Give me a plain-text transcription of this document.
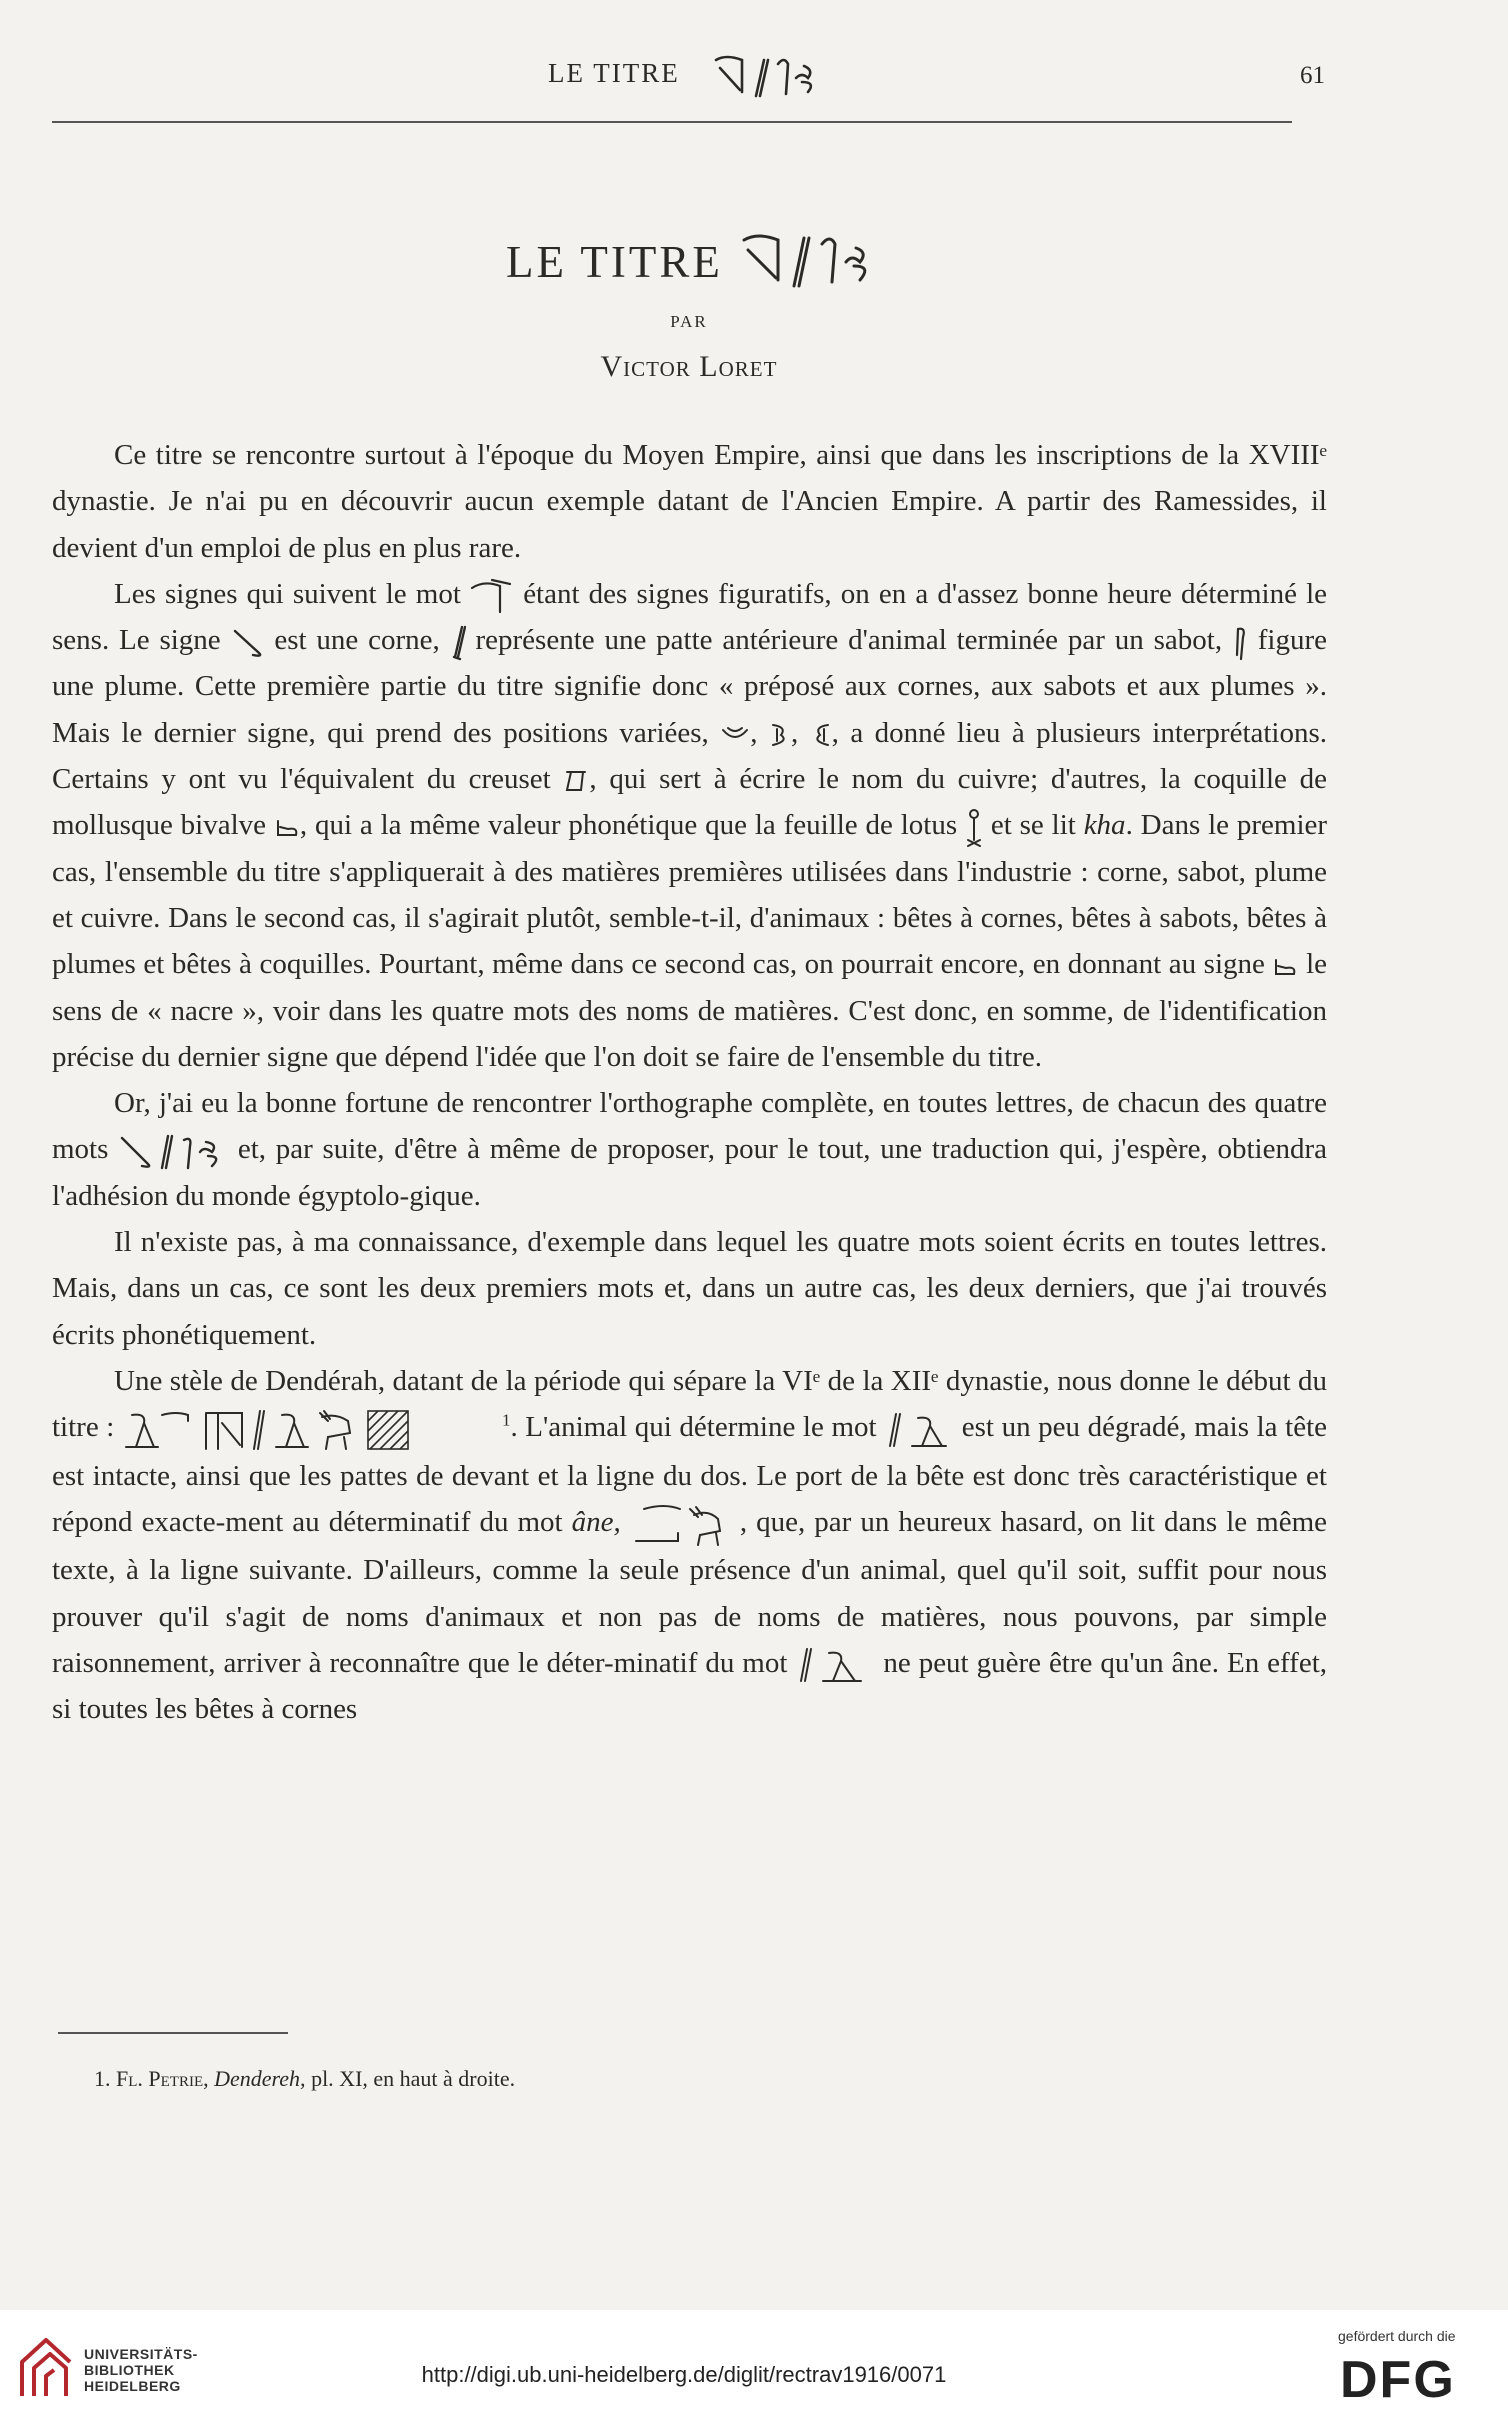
LE TITRE	61
LE TITRE
PAR
Victor Loret

Ce titre se rencontre surtout à l'époque du Moyen Empire, ainsi que dans les inscriptions de la XVIIIᵉ dynastie. Je n'ai pu en découvrir aucun exemple datant de l'Ancien Empire. A partir des Ramessides, il devient d'un emploi de plus en plus rare.

Les signes qui suivent le mot étant des signes figuratifs, on en a d'assez bonne heure déterminé le sens. Le signe est une corne, représente une patte antérieure d'animal terminée par un sabot, figure une plume. Cette première partie du titre signifie donc « préposé aux cornes, aux sabots et aux plumes ». Mais le dernier signe, qui prend des positions variées, , , , a donné lieu à plusieurs interprétations. Certains y ont vu l'équivalent du creuset , qui sert à écrire le nom du cuivre; d'autres, la coquille de mollusque bivalve , qui a la même valeur phonétique que la feuille de lotus et se lit kha. Dans le premier cas, l'ensemble du titre s'appliquerait à des matières premières utilisées dans l'industrie : corne, sabot, plume et cuivre. Dans le second cas, il s'agirait plutôt, semble-t-il, d'animaux : bêtes à cornes, bêtes à sabots, bêtes à plumes et bêtes à coquilles. Pourtant, même dans ce second cas, on pourrait encore, en donnant au signe le sens de « nacre », voir dans les quatre mots des noms de matières. C'est donc, en somme, de l'identification précise du dernier signe que dépend l'idée que l'on doit se faire de l'ensemble du titre.

Or, j'ai eu la bonne fortune de rencontrer l'orthographe complète, en toutes lettres, de chacun des quatre mots	et, par suite, d'être à même de proposer, pour le tout, une traduction qui, j'espère, obtiendra l'adhésion du monde égyptolo-gique.

Il n'existe pas, à ma connaissance, d'exemple dans lequel les quatre mots soient écrits en toutes lettres. Mais, dans un cas, ce sont les deux premiers mots et, dans un autre cas, les deux derniers, que j'ai trouvés écrits phonétiquement.

Une stèle de Dendérah, datant de la période qui sépare la VIᵉ de la XIIᵉ dynastie, nous donne le début du titre :	$^1$. L'animal qui détermine le mot	est un peu dégradé, mais la tête est intacte, ainsi que les pattes de devant et la ligne du dos. Le port de la bête est donc très caractéristique et répond exacte-ment au déterminatif du mot âne,	, que, par un heureux hasard, on lit dans le même texte, à la ligne suivante. D'ailleurs, comme la seule présence d'un animal, quel qu'il soit, suffit pour nous prouver qu'il s'agit de noms d'animaux et non pas de noms de matières, nous pouvons, par simple raisonnement, arriver à reconnaître que le déter-minatif du mot	ne peut guère être qu'un âne. En effet, si toutes les bêtes à cornes

1. Fl. Petrie, Dendereh, pl. XI, en haut à droite.
UNIVERSITÄTS-
BIBLIOTHEK
HEIDELBERG	http://digi.ub.uni-heidelberg.de/diglit/rectrav1916/0071
gefördert durch die
DFG
